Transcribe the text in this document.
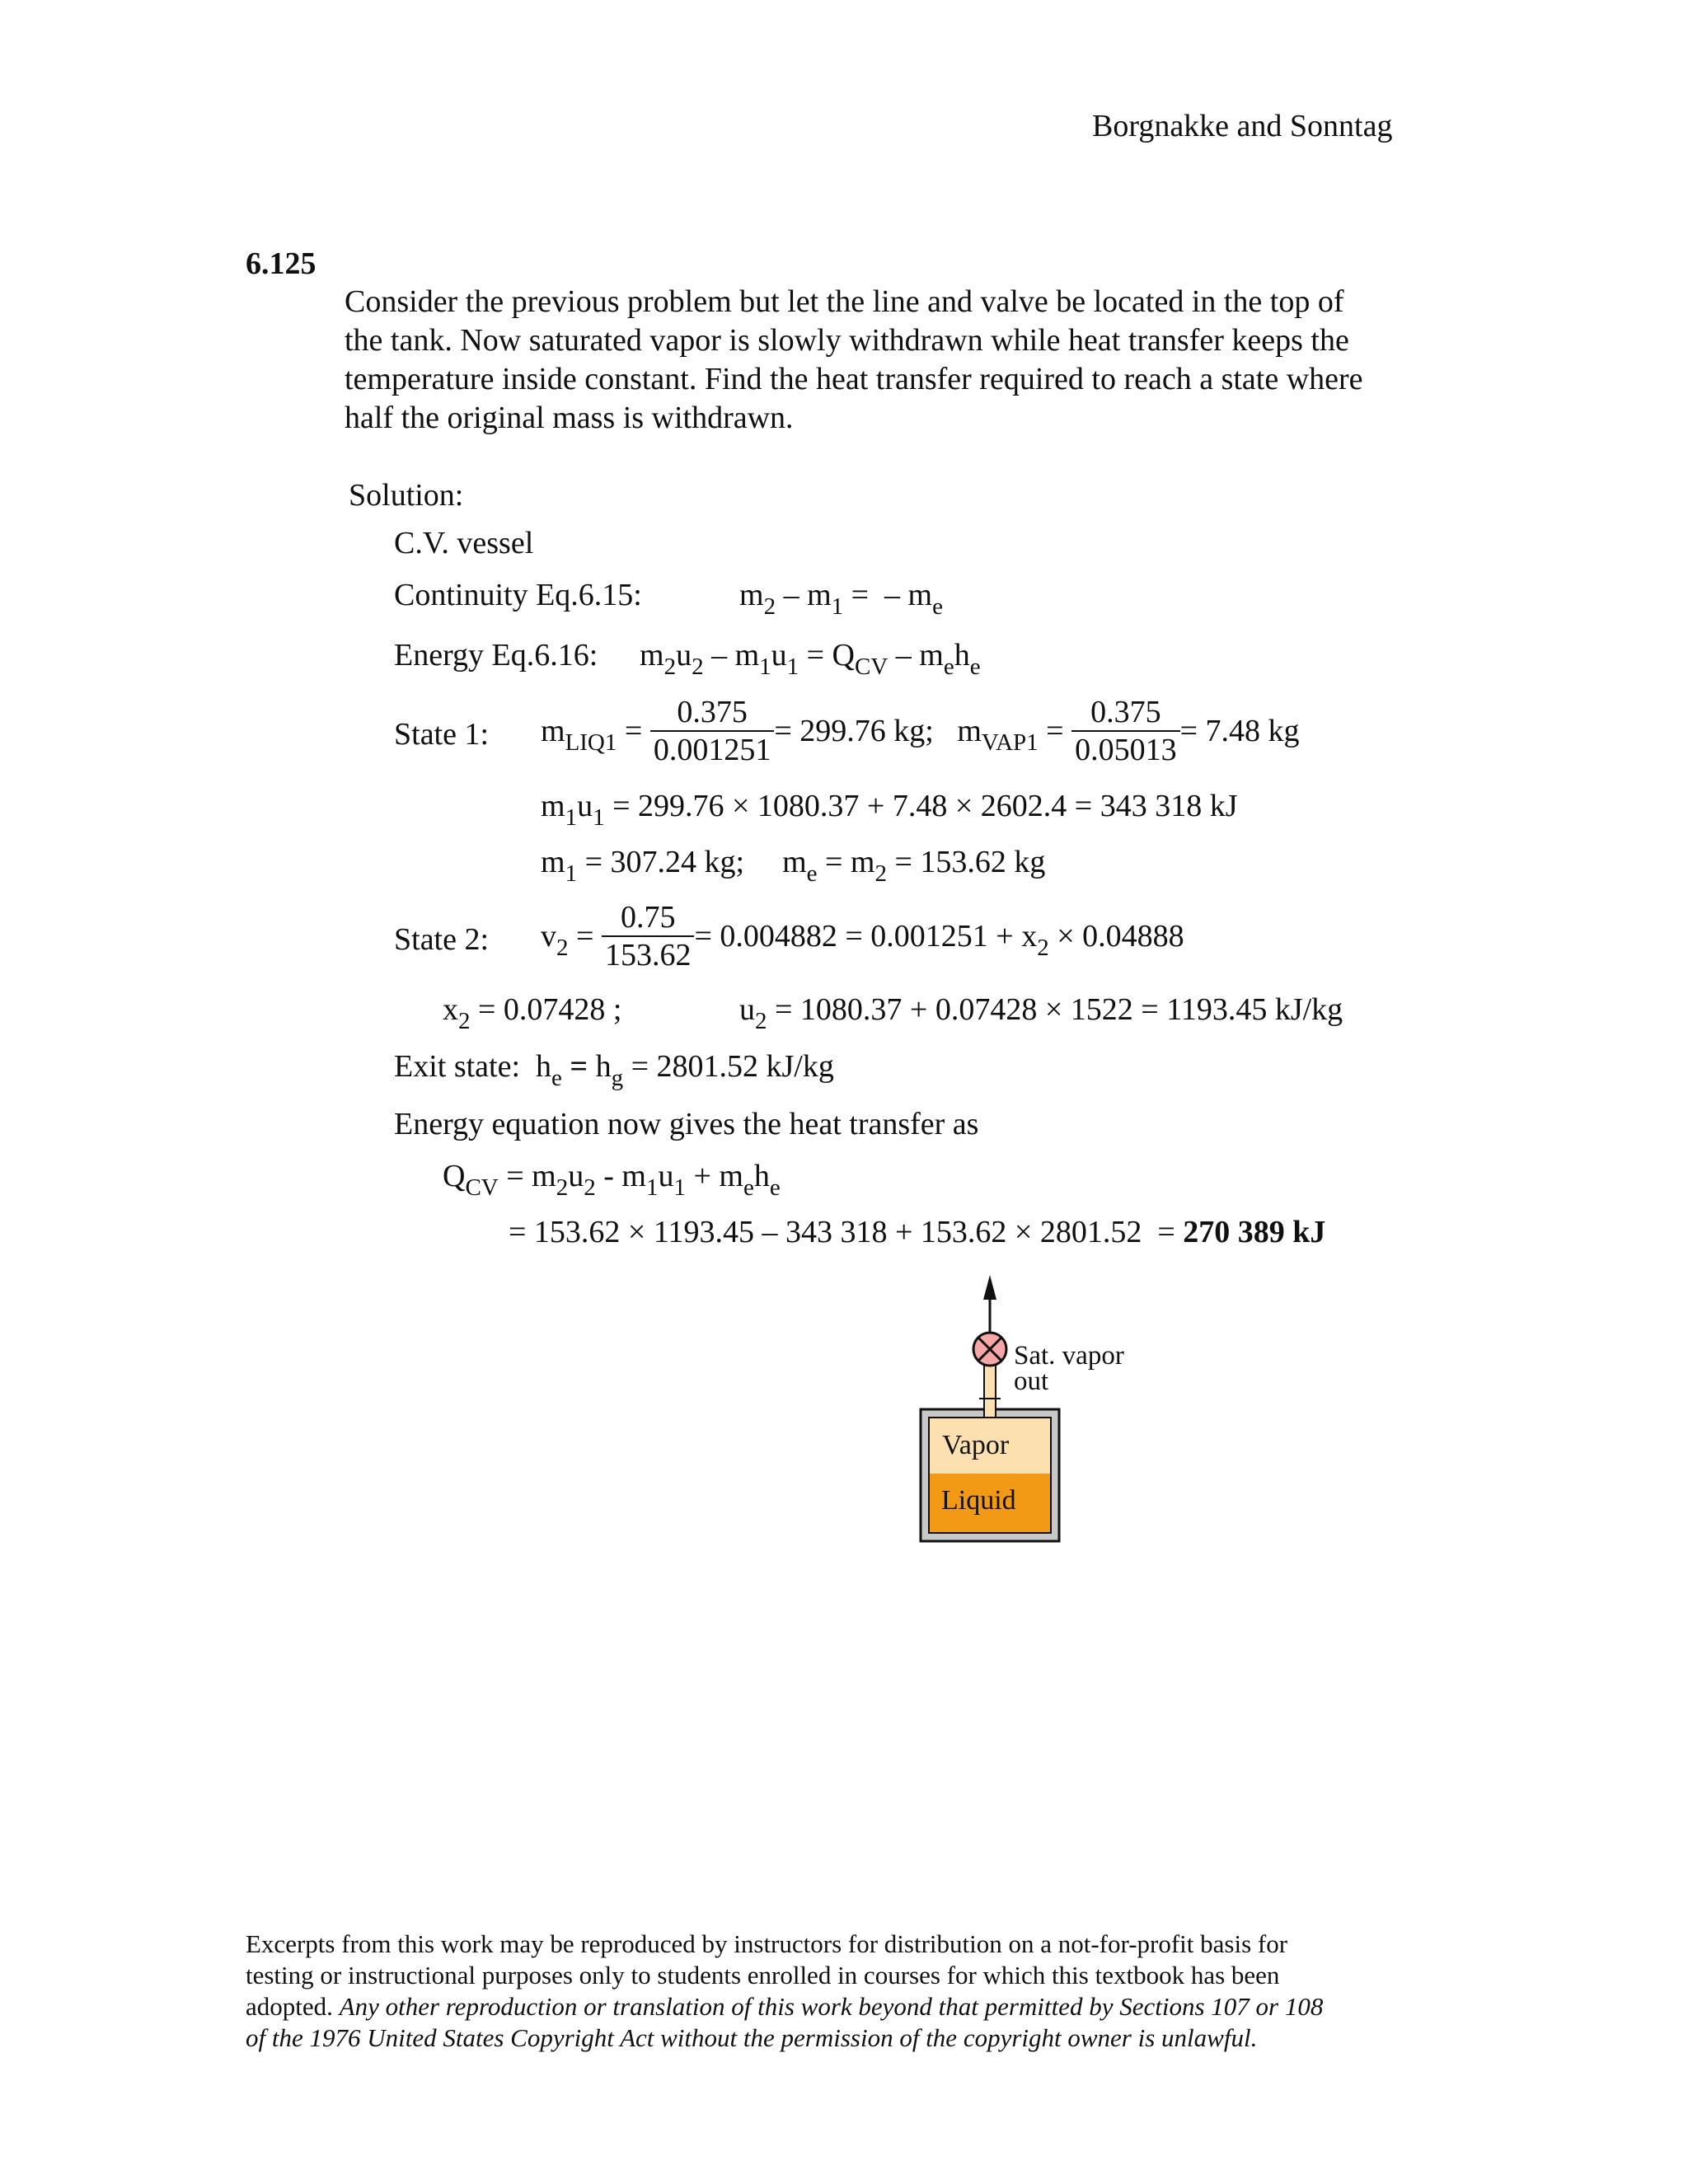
Borgnakke and Sonntag
6.125
Consider the previous problem but let the line and valve be located in the top of
the tank. Now saturated vapor is slowly withdrawn while heat transfer keeps the
temperature inside constant. Find the heat transfer required to reach a state where
half the original mass is withdrawn.
Solution:
C.V. vessel
Continuity Eq.6.15:	$m_2 - m_1$ =  – $m_e$
Energy Eq.6.16: $m_2u_2 - m_1u_1 = Q_{CV} - m_eh_e$
State 1: $m_{LIQ1} = \frac{0.375}{0.001251} = 299.76$ kg;   $m_{VAP1} = \frac{0.375}{0.05013} = 7.48$ kg
$m_1u_1 = 299.76 \times 1080.37 + 7.48 \times 2602.4 = 343$ 318 kJ
$m_1 = 307.24$ kg; $m_e = m_2 = 153.62$ kg
State 2: $v_2 = \frac{0.75}{153.62} = 0.004882 = 0.001251 + x_2 \times 0.04888$
$x_2 = 0.07428$ ;	$u_2 = 1080.37 + 0.07428 \times 1522 = 1193.45$ kJ/kg
Exit state:  $h_e = h_g = 2801.52$ kJ/kg
Energy equation now gives the heat transfer as
$Q_{CV} = m_2u_2 - m_1u_1 + m_eh_e$
= 153.62 × 1193.45 – 343 318 + 153.62 × 2801.52  = 270 389 kJ
Sat. vapor
out
Vapor
Liquid
Excerpts from this work may be reproduced by instructors for distribution on a not-for-profit basis for
testing or instructional purposes only to students enrolled in courses for which this textbook has been
adopted. Any other reproduction or translation of this work beyond that permitted by Sections 107 or 108
of the 1976 United States Copyright Act without the permission of the copyright owner is unlawful.
